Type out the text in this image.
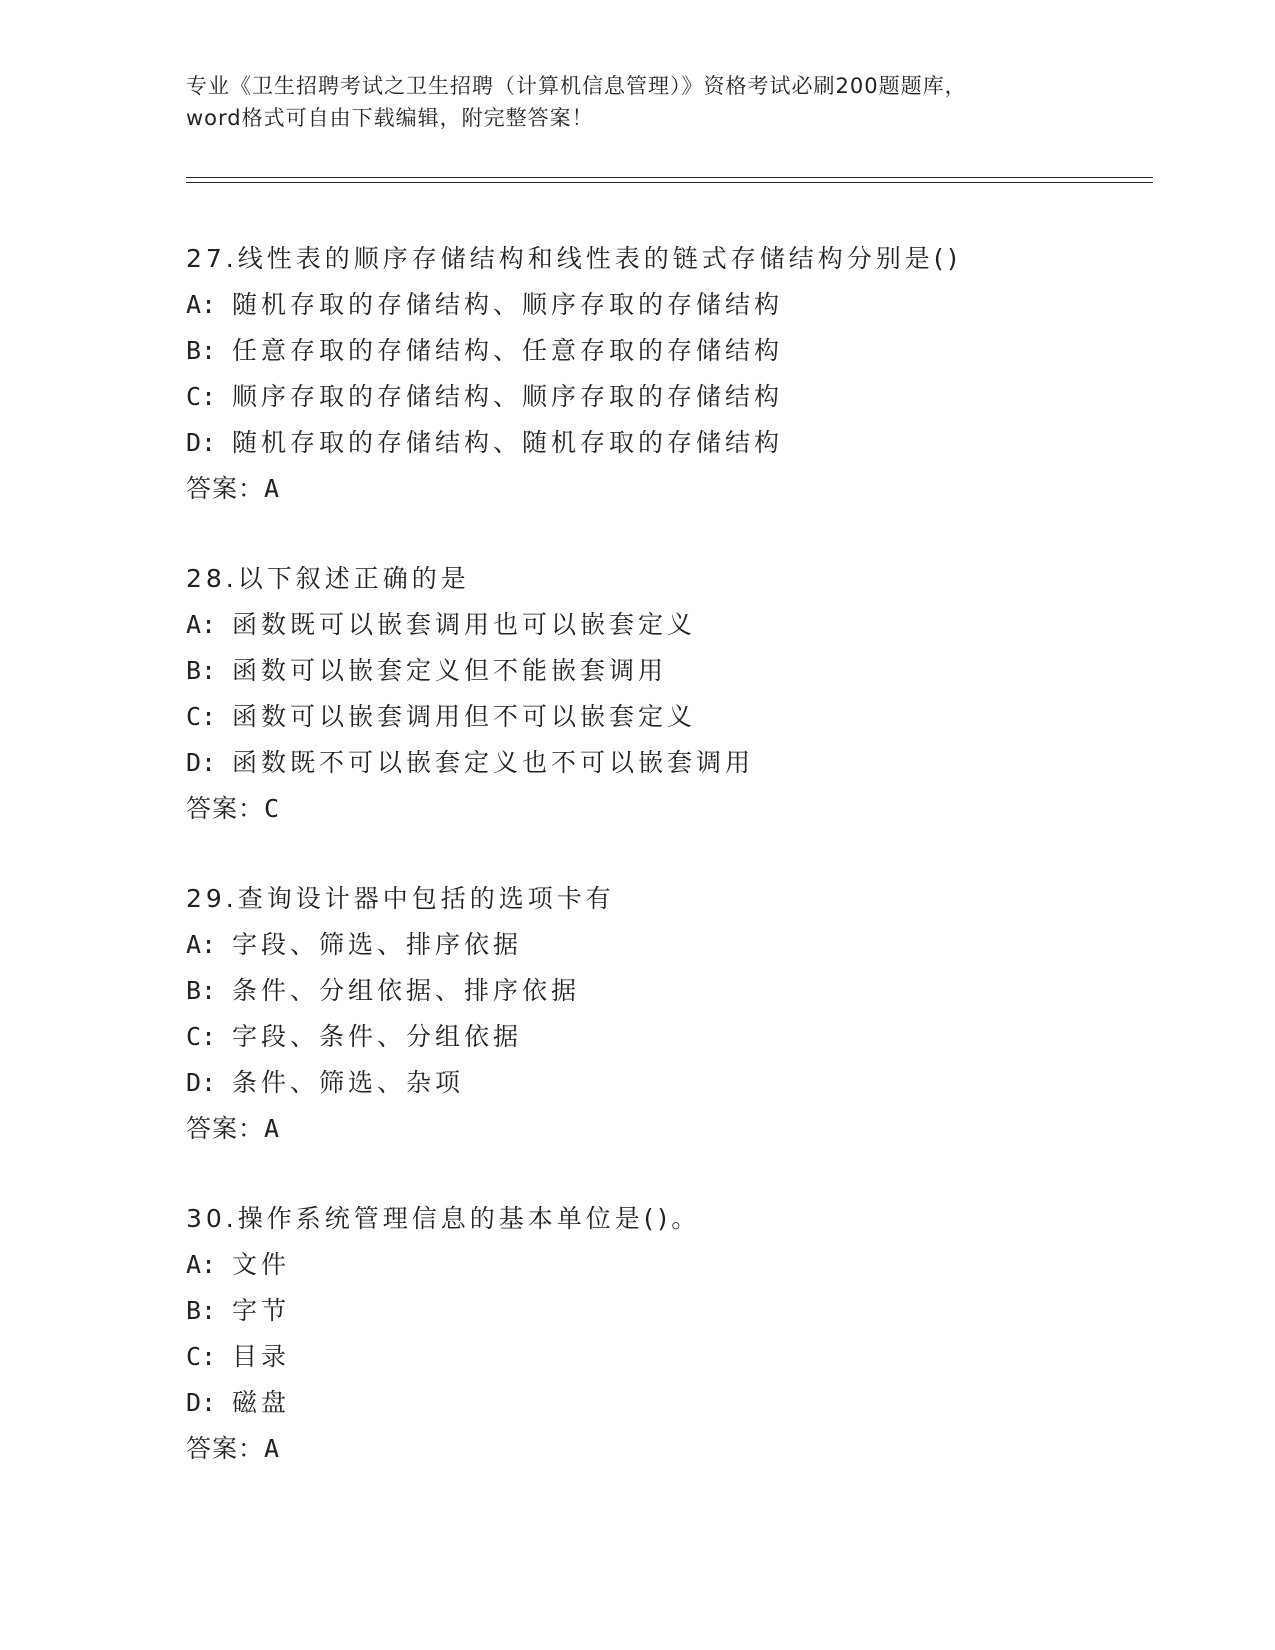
专业《卫生招聘考试之卫生招聘（计算机信息管理）》资格考试必刷200题题库，
word格式可自由下载编辑，附完整答案！
27.线性表的顺序存储结构和线性表的链式存储结构分别是()
A: 随机存取的存储结构、顺序存取的存储结构
B: 任意存取的存储结构、任意存取的存储结构
C: 顺序存取的存储结构、顺序存取的存储结构
D: 随机存取的存储结构、随机存取的存储结构
答案：A
28.以下叙述正确的是
A: 函数既可以嵌套调用也可以嵌套定义
B: 函数可以嵌套定义但不能嵌套调用
C: 函数可以嵌套调用但不可以嵌套定义
D: 函数既不可以嵌套定义也不可以嵌套调用
答案：C
29.查询设计器中包括的选项卡有
A: 字段、筛选、排序依据
B: 条件、分组依据、排序依据
C: 字段、条件、分组依据
D: 条件、筛选、杂项
答案：A
30.操作系统管理信息的基本单位是()。
A: 文件
B: 字节
C: 目录
D: 磁盘
答案：A
